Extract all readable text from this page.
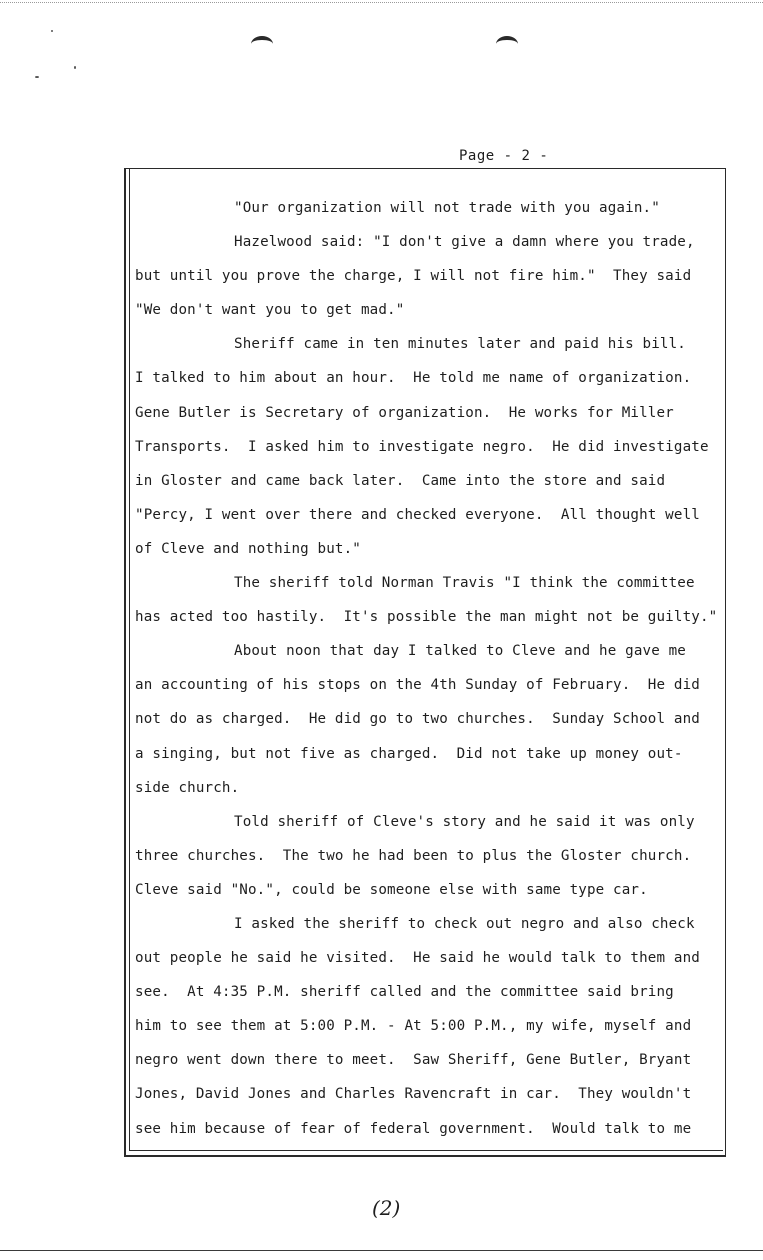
Page - 2 -
"Our organization will not trade with you again."
Hazelwood said: "I don't give a damn where you trade,
but until you prove the charge, I will not fire him."  They said
"We don't want you to get mad."
Sheriff came in ten minutes later and paid his bill.
I talked to him about an hour.  He told me name of organization.
Gene Butler is Secretary of organization.  He works for Miller
Transports.  I asked him to investigate negro.  He did investigate
in Gloster and came back later.  Came into the store and said
"Percy, I went over there and checked everyone.  All thought well
of Cleve and nothing but."
The sheriff told Norman Travis "I think the committee
has acted too hastily.  It's possible the man might not be guilty."
About noon that day I talked to Cleve and he gave me
an accounting of his stops on the 4th Sunday of February.  He did
not do as charged.  He did go to two churches.  Sunday School and
a singing, but not five as charged.  Did not take up money out-
side church.
Told sheriff of Cleve's story and he said it was only
three churches.  The two he had been to plus the Gloster church.
Cleve said "No.", could be someone else with same type car.
I asked the sheriff to check out negro and also check
out people he said he visited.  He said he would talk to them and
see.  At 4:35 P.M. sheriff called and the committee said bring
him to see them at 5:00 P.M. - At 5:00 P.M., my wife, myself and
negro went down there to meet.  Saw Sheriff, Gene Butler, Bryant
Jones, David Jones and Charles Ravencraft in car.  They wouldn't
see him because of fear of federal government.  Would talk to me
(2)
